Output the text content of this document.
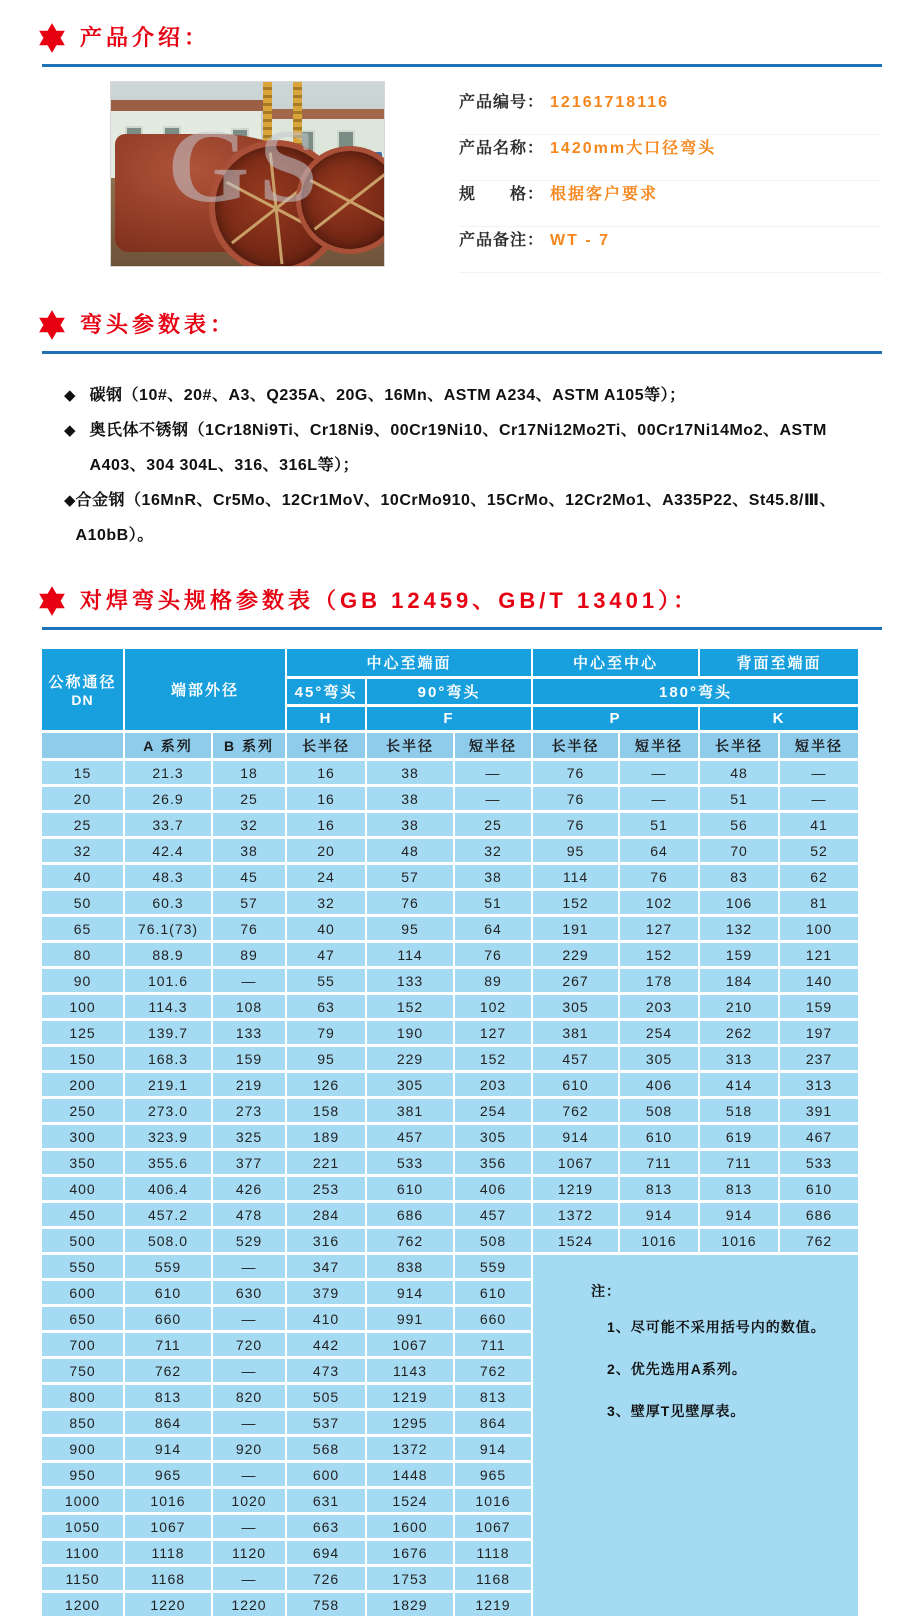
产品介绍：
GS
产品编号： 12161718116
产品名称： 1420mm大口径弯头
规　　格： 根据客户要求
产品备注： WT - 7
弯头参数表：
◆ 碳钢（10#、20#、A3、Q235A、20G、16Mn、ASTM A234、ASTM A105等）；
◆ 奥氏体不锈钢（1Cr18Ni9Ti、Cr18Ni9、00Cr19Ni10、Cr17Ni12Mo2Ti、00Cr17Ni14Mo2、ASTM A403、304 304L、316、316L等）；
◆ 合金钢（16MnR、Cr5Mo、12Cr1MoV、10CrMo910、15CrMo、12Cr2Mo1、A335P22、St45.8/Ⅲ、A10bB）。
对焊弯头规格参数表（GB 12459、GB/T 13401）：
公称通径
DN	端部外径		中心至端面			中心至中心		背面至端面	
			45°弯头	90°弯头		180°弯头			
			H	F		P		K	
	A 系列	B 系列	长半径	长半径	短半径	长半径	短半径	长半径	短半径
15	21.3	18	16	38	—	76	—	48	—
20	26.9	25	16	38	—	76	—	51	—
25	33.7	32	16	38	25	76	51	56	41
32	42.4	38	20	48	32	95	64	70	52
40	48.3	45	24	57	38	114	76	83	62
50	60.3	57	32	76	51	152	102	106	81
65	76.1(73)	76	40	95	64	191	127	132	100
80	88.9	89	47	114	76	229	152	159	121
90	101.6	—	55	133	89	267	178	184	140
100	114.3	108	63	152	102	305	203	210	159
125	139.7	133	79	190	127	381	254	262	197
150	168.3	159	95	229	152	457	305	313	237
200	219.1	219	126	305	203	610	406	414	313
250	273.0	273	158	381	254	762	508	518	391
300	323.9	325	189	457	305	914	610	619	467
350	355.6	377	221	533	356	1067	711	711	533
400	406.4	426	253	610	406	1219	813	813	610
450	457.2	478	284	686	457	1372	914	914	686
500	508.0	529	316	762	508	1524	1016	1016	762
550	559	—	347	838	559	注：
1、尽可能不采用括号内的数值。
2、优先选用A系列。
3、壁厚T见壁厚表。			

600	610	630	379	914	610				
650	660	—	410	991	660				
700	711	720	442	1067	711				
750	762	—	473	1143	762				
800	813	820	505	1219	813				
850	864	—	537	1295	864				
900	914	920	568	1372	914				
950	965	—	600	1448	965				
1000	1016	1020	631	1524	1016				
1050	1067	—	663	1600	1067				
1100	1118	1120	694	1676	1118				
1150	1168	—	726	1753	1168				
1200	1220	1220	758	1829	1219				
